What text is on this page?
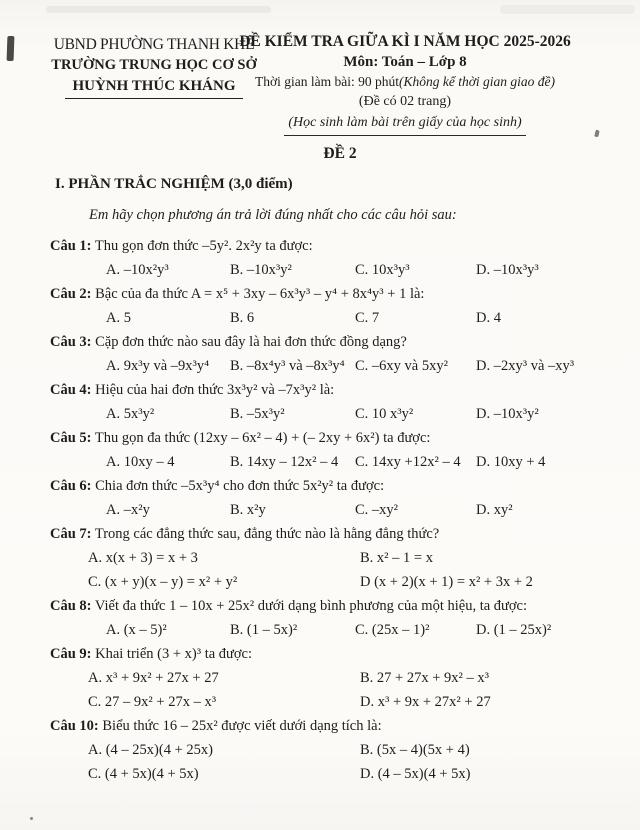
UBND PHƯỜNG THANH KHÊ
TRƯỜNG TRUNG HỌC CƠ SỞ
HUỲNH THÚC KHÁNG
ĐỀ KIỂM TRA GIỮA KÌ I NĂM HỌC 2025-2026
Môn: Toán – Lớp 8
Thời gian làm bài: 90 phút(Không kể thời gian giao đề)
(Đề có 02 trang)
(Học sinh làm bài trên giấy của học sinh)
ĐỀ 2
I. PHẦN TRẮC NGHIỆM (3,0 điểm)
Em hãy chọn phương án trả lời đúng nhất cho các câu hỏi sau:
Câu 1: Thu gọn đơn thức –5y². 2x²y ta được:
A. –10x²y³	B. –10x³y²	C. 10x³y³	D. –10x³y³
Câu 2: Bậc của đa thức A = x⁵ + 3xy – 6x³y³ – y⁴ + 8x⁴y³ + 1 là:
A. 5	B. 6	C. 7	D. 4
Câu 3: Cặp đơn thức nào sau đây là hai đơn thức đồng dạng?
A. 9x³y và –9x³y⁴	B. –8x⁴y³ và –8x³y⁴ C. –6xy và 5xy²	D. –2xy³ và –xy³
Câu 4: Hiệu của hai đơn thức 3x³y² và –7x³y² là:
A. 5x³y²	B. –5x³y²	C. 10 x³y²	D. –10x³y²
Câu 5: Thu gọn đa thức (12xy – 6x² – 4) + (– 2xy + 6x²) ta được:
A. 10xy – 4	B. 14xy – 12x² – 4	C. 14xy +12x² – 4	D. 10xy + 4
Câu 6: Chia đơn thức –5x³y⁴ cho đơn thức 5x²y² ta được:
A. –x²y	B. x²y	C. –xy²	D. xy²
Câu 7: Trong các đẳng thức sau, đẳng thức nào là hằng đẳng thức?
A. x(x + 3) = x + 3	B. x² – 1 = x
C. (x + y)(x – y) = x² + y²	D (x + 2)(x + 1) = x² + 3x + 2
Câu 8: Viết đa thức 1 – 10x + 25x² dưới dạng bình phương của một hiệu, ta được:
A. (x – 5)²	B. (1 – 5x)²	C. (25x – 1)²	D. (1 – 25x)²
Câu 9: Khai triển (3 + x)³ ta được:
A. x³ + 9x² + 27x + 27	B. 27 + 27x + 9x² – x³
C. 27 – 9x² + 27x – x³	D. x³ + 9x + 27x² + 27
Câu 10: Biểu thức 16 – 25x² được viết dưới dạng tích là:
A. (4 – 25x)(4 + 25x)	B. (5x – 4)(5x + 4)
C. (4 + 5x)(4 + 5x)	D. (4 – 5x)(4 + 5x)
